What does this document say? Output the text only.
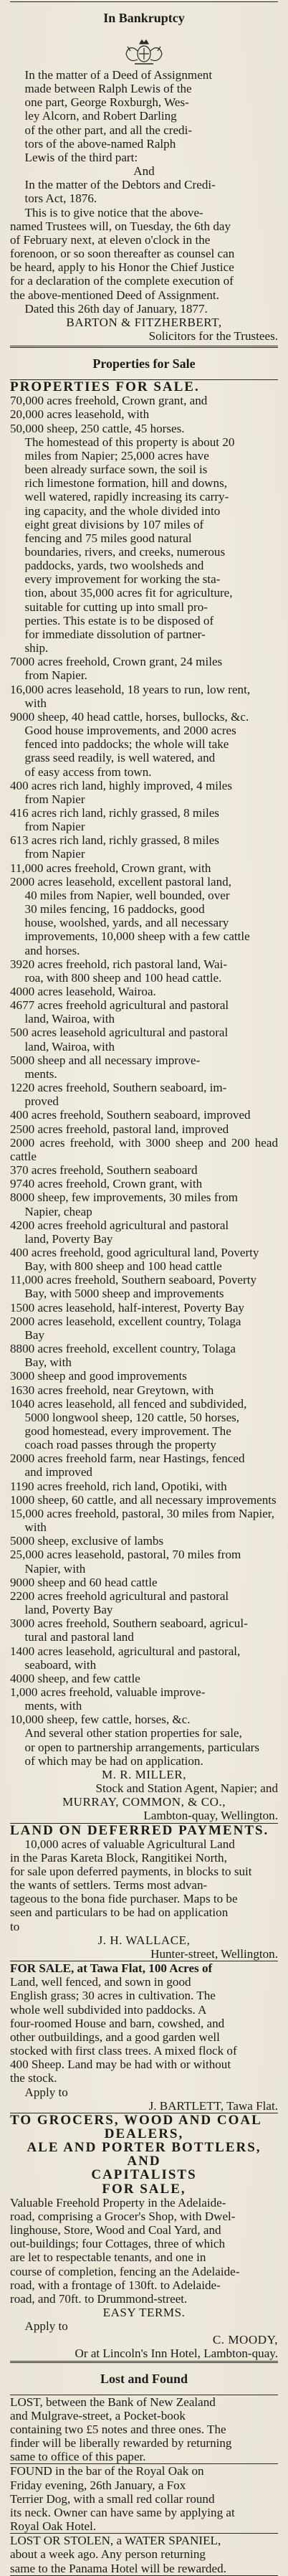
In Bankruptcy

In the matter of a Deed of Assignment

made between Ralph Lewis of the

one part, George Roxburgh, Wes-

ley Alcorn, and Robert Darling

of the other part, and all the credi-

tors of the above-named Ralph

Lewis of the third part:

And

In the matter of the Debtors and Credi-

tors Act, 1876.

This is to give notice that the above-

named Trustees will, on Tuesday, the 6th day

of February next, at eleven o'clock in the

forenoon, or so soon thereafter as counsel can

be heard, apply to his Honor the Chief Justice

for a declaration of the complete execution of

the above-mentioned Deed of Assignment.

Dated this 26th day of January, 1877.

BARTON & FITZHERBERT,

Solicitors for the Trustees.

Properties for Sale

PROPERTIES FOR SALE.

70,000 acres freehold, Crown grant, and

20,000 acres leasehold, with

50,000 sheep, 250 cattle, 45 horses.

The homestead of this property is about 20

miles from Napier; 25,000 acres have

been already surface sown, the soil is

rich limestone formation, hill and downs,

well watered, rapidly increasing its carry-

ing capacity, and the whole divided into

eight great divisions by 107 miles of

fencing and 75 miles good natural

boundaries, rivers, and creeks, numerous

paddocks, yards, two woolsheds and

every improvement for working the sta-

tion, about 35,000 acres fit for agriculture,

suitable for cutting up into small pro-

perties. This estate is to be disposed of

for immediate dissolution of partner-

ship.

7000 acres freehold, Crown grant, 24 miles

from Napier.

16,000 acres leasehold, 18 years to run, low rent,

with

9000 sheep, 40 head cattle, horses, bullocks, &c.

Good house improvements, and 2000 acres

fenced into paddocks; the whole will take

grass seed readily, is well watered, and

of easy access from town.

400 acres rich land, highly improved, 4 miles

from Napier

416 acres rich land, richly grassed, 8 miles

from Napier

613 acres rich land, richly grassed, 8 miles

from Napier

11,000 acres freehold, Crown grant, with

2000 acres leasehold, excellent pastoral land,

40 miles from Napier, well bounded, over

30 miles fencing, 16 paddocks, good

house, woolshed, yards, and all necessary

improvements, 10,000 sheep with a few cattle

and horses.

3920 acres freehold, rich pastoral land, Wai-

roa, with 800 sheep and 100 head cattle.

4000 acres leasehold, Wairoa.

4677 acres freehold agricultural and pastoral

land, Wairoa, with

500 acres leasehold agricultural and pastoral

land, Wairoa, with

5000 sheep and all necessary improve-

ments.

1220 acres freehold, Southern seaboard, im-

proved

400 acres freehold, Southern seaboard, improved

2500 acres freehold, pastoral land, improved

2000 acres freehold, with 3000 sheep and 200 head cattle

370 acres freehold, Southern seaboard

9740 acres freehold, Crown grant, with

8000 sheep, few improvements, 30 miles from

Napier, cheap

4200 acres freehold agricultural and pastoral

land, Poverty Bay

400 acres freehold, good agricultural land, Poverty

Bay, with 800 sheep and 100 head cattle

11,000 acres freehold, Southern seaboard, Poverty

Bay, with 5000 sheep and improvements

1500 acres leasehold, half-interest, Poverty Bay

2000 acres leasehold, excellent country, Tolaga

Bay

8800 acres freehold, excellent country, Tolaga

Bay, with

3000 sheep and good improvements

1630 acres freehold, near Greytown, with

1040 acres leasehold, all fenced and subdivided,

5000 longwool sheep, 120 cattle, 50 horses,

good homestead, every improvement. The

coach road passes through the property

2000 acres freehold farm, near Hastings, fenced

and improved

1190 acres freehold, rich land, Opotiki, with

1000 sheep, 60 cattle, and all necessary improvements

15,000 acres freehold, pastoral, 30 miles from Napier,

with

5000 sheep, exclusive of lambs

25,000 acres leasehold, pastoral, 70 miles from

Napier, with

9000 sheep and 60 head cattle

2200 acres freehold agricultural and pastoral

land, Poverty Bay

3000 acres freehold, Southern seaboard, agricul-

tural and pastoral land

1400 acres leasehold, agricultural and pastoral,

seaboard, with

4000 sheep, and few cattle

1,000 acres freehold, valuable improve-

ments, with

10,000 sheep, few cattle, horses, &c.

And several other station properties for sale,

or open to partnership arrangements, particulars

of which may be had on application.

M. R. MILLER,

Stock and Station Agent, Napier; and

MURRAY, COMMON, & CO.,

Lambton-quay, Wellington.

LAND ON DEFERRED PAYMENTS.

10,000 acres of valuable Agricultural Land

in the Paras Kareta Block, Rangitikei North,

for sale upon deferred payments, in blocks to suit

the wants of settlers. Terms most advan-

tageous to the bona fide purchaser. Maps to be

seen and particulars to be had on application

to

J. H. WALLACE,

Hunter-street, Wellington.

FOR SALE, at Tawa Flat, 100 Acres of

Land, well fenced, and sown in good

English grass; 30 acres in cultivation. The

whole well subdivided into paddocks. A

four-roomed House and barn, cowshed, and

other outbuildings, and a good garden well

stocked with first class trees. A mixed flock of

400 Sheep. Land may be had with or without

the stock.

Apply to

J. BARTLETT, Tawa Flat.

TO GROCERS, WOOD AND COAL

DEALERS,

ALE AND PORTER BOTTLERS, AND

CAPITALISTS

FOR SALE,

Valuable Freehold Property in the Adelaide-

road, comprising a Grocer's Shop, with Dwel-

linghouse, Store, Wood and Coal Yard, and

out-buildings; four Cottages, three of which

are let to respectable tenants, and one in

course of completion, fencing an the Adelaide-

road, with a frontage of 130ft. to Adelaide-

road, and 70ft. to Drummond-street.

EASY TERMS.

Apply to

C. MOODY,

Or at Lincoln's Inn Hotel, Lambton-quay.

Lost and Found

LOST, between the Bank of New Zealand

and Mulgrave-street, a Pocket-book

containing two £5 notes and three ones. The

finder will be liberally rewarded by returning

same to office of this paper.

FOUND in the bar of the Royal Oak on

Friday evening, 26th January, a Fox

Terrier Dog, with a small red collar round

its neck. Owner can have same by applying at

Royal Oak Hotel.

LOST OR STOLEN, a WATER SPANIEL,

about a week ago. Any person returning

same to the Panama Hotel will be rewarded.
